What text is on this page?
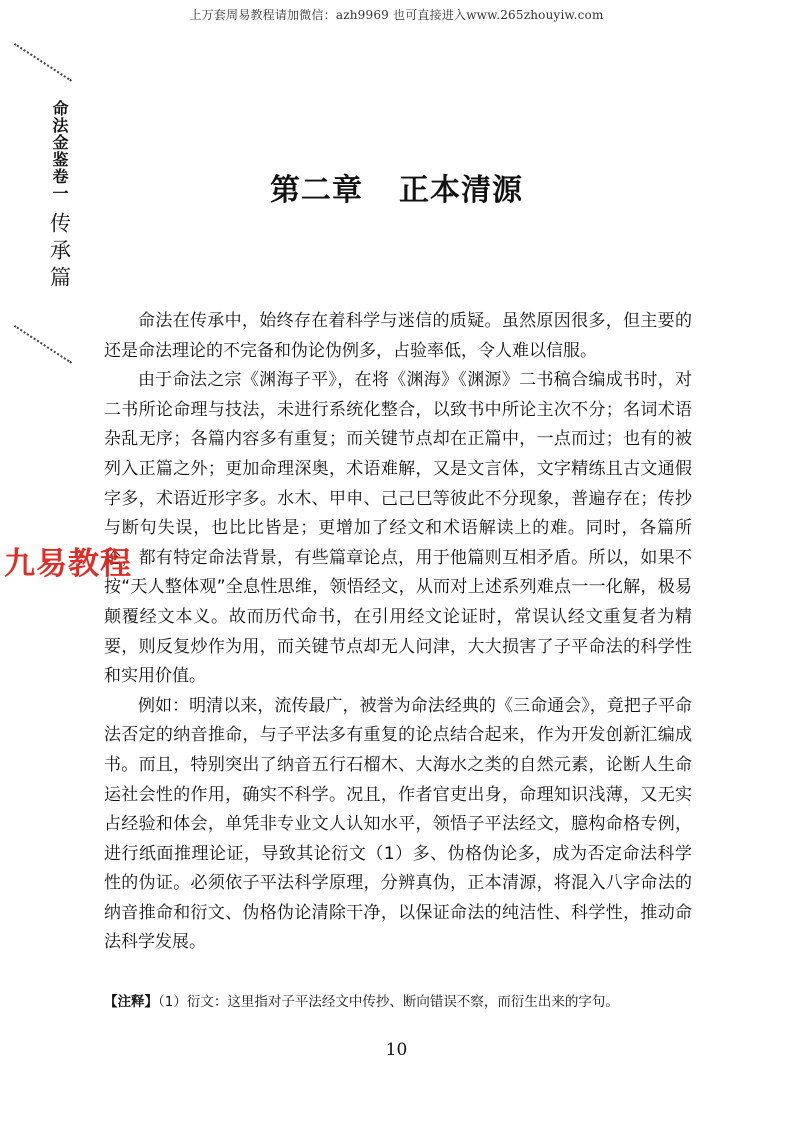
上万套周易教程请加微信：azh9969 也可直接进入www.265zhouyiw.com
命法金鉴卷一
传承篇
第二章 正本清源

命法在传承中，始终存在着科学与迷信的质疑。虽然原因很多，但主要的还是命法理论的不完备和伪论伪例多，占验率低，令人难以信服。

由于命法之宗《渊海子平》，在将《渊海》《渊源》二书稿合编成书时，对二书所论命理与技法，未进行系统化整合，以致书中所论主次不分；名词术语杂乱无序；各篇内容多有重复；而关键节点却在正篇中，一点而过；也有的被列入正篇之外；更加命理深奥，术语难解，又是文言体，文字精练且古文通假字多，术语近形字多。水木、甲申、己己巳等彼此不分现象，普遍存在；传抄与断句失误，也比比皆是；更增加了经文和术语解读上的难。同时，各篇所论，都有特定命法背景，有些篇章论点，用于他篇则互相矛盾。所以，如果不按“天人整体观”全息性思维，领悟经文，从而对上述系列难点一一化解，极易颠覆经文本义。故而历代命书，在引用经文论证时，常误认经文重复者为精要，则反复炒作为用，而关键节点却无人问津，大大损害了子平命法的科学性和实用价值。

例如：明清以来，流传最广，被誉为命法经典的《三命通会》，竟把子平命法否定的纳音推命，与子平法多有重复的论点结合起来，作为开发创新汇编成书。而且，特别突出了纳音五行石榴木、大海水之类的自然元素，论断人生命运社会性的作用，确实不科学。况且，作者官吏出身，命理知识浅薄，又无实占经验和体会，单凭非专业文人认知水平，领悟子平法经文，臆构命格专例，进行纸面推理论证，导致其论衍文（1）多、伪格伪论多，成为否定命法科学性的伪证。必须依子平法科学原理，分辨真伪，正本清源，将混入八字命法的纳音推命和衍文、伪格伪论清除干净，以保证命法的纯洁性、科学性，推动命法科学发展。

九易教程
【注释】（1）衍文：这里指对子平法经文中传抄、断向错误不察，而衍生出来的字句。
10
